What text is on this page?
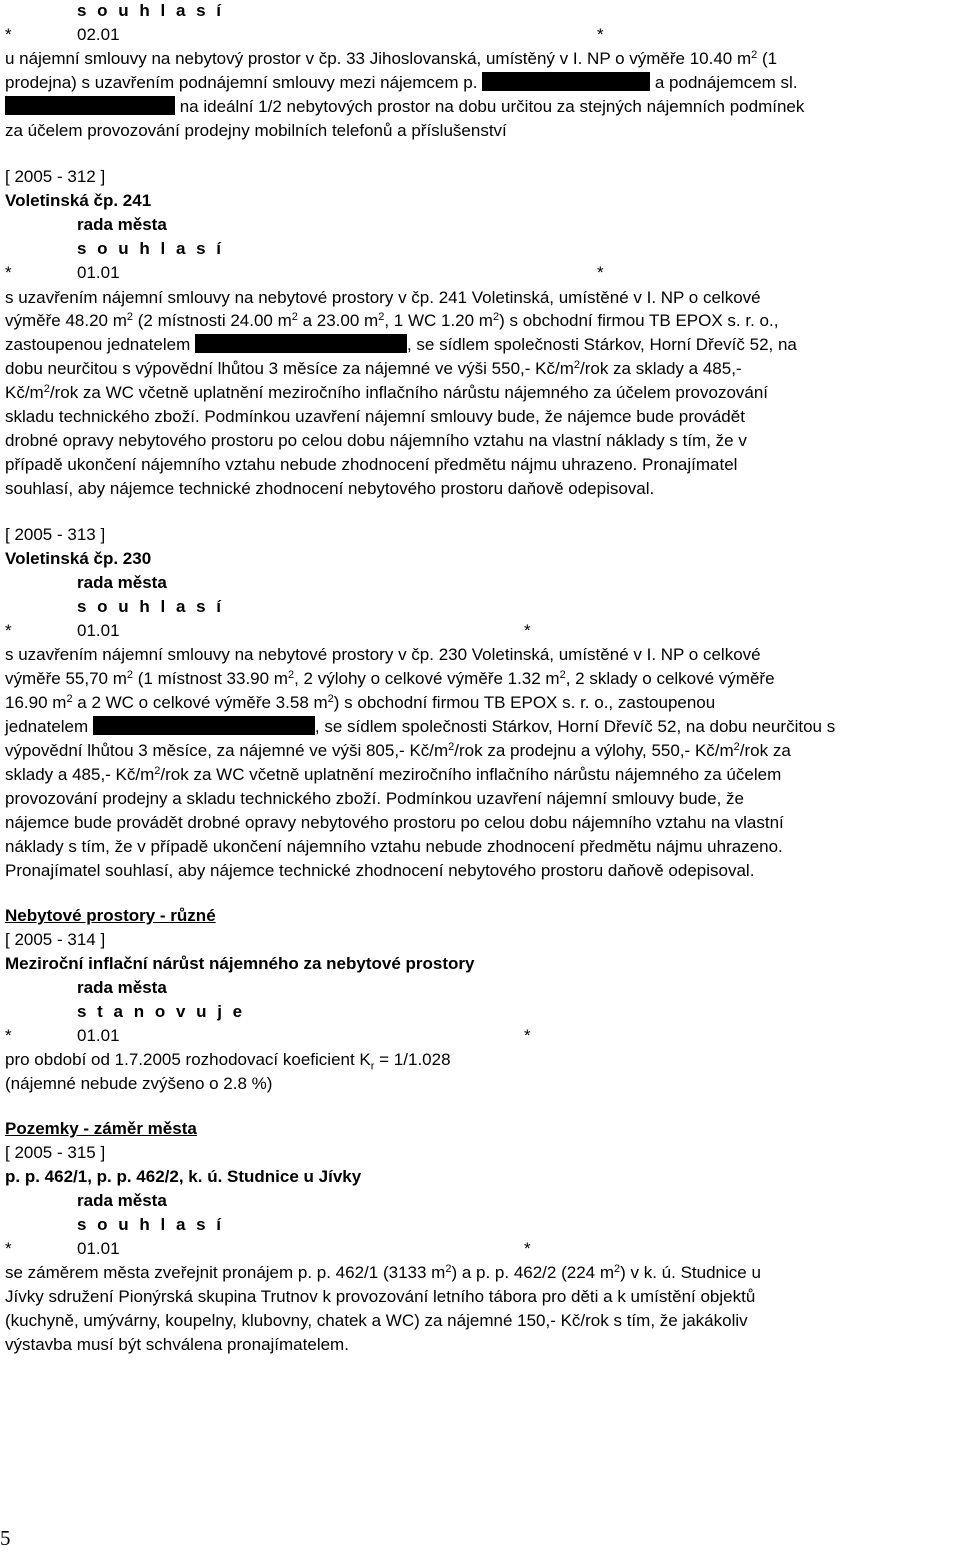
s o u h l a s í
*	02.01	*
u nájemní smlouvy na nebytový prostor v čp. 33 Jihoslovanská, umístěný v I. NP o výměře 10.40 $m^2$ (1
prodejna) s uzavřením podnájemní smlouvy mezi nájemcem p.	a podnájemcem sl.
na ideální 1/2 nebytových prostor na dobu určitou za stejných nájemních podmínek
za účelem provozování prodejny mobilních telefonů a příslušenství
[ 2005 - 312 ]
Voletinská čp. 241
rada města
s o u h l a s í
*	01.01	*
s uzavřením nájemní smlouvy na nebytové prostory v čp. 241 Voletinská, umístěné v I. NP o celkové
výměře 48.20 $m^2$ (2 místnosti 24.00 $m^2$ a 23.00 $m^2$, 1 WC 1.20 $m^2$) s obchodní firmou TB EPOX s. r. o.,
zastoupenou jednatelem	, se sídlem společnosti Stárkov, Horní Dřevíč 52, na
dobu neurčitou s výpovědní lhůtou 3 měsíce za nájemné ve výši 550,- $Kč/m^2$/rok za sklady a 485,-
$Kč/m^2$/rok za WC včetně uplatnění meziročního inflačního nárůstu nájemného za účelem provozování
skladu technického zboží. Podmínkou uzavření nájemní smlouvy bude, že nájemce bude provádět
drobné opravy nebytového prostoru po celou dobu nájemního vztahu na vlastní náklady s tím, že v
případě ukončení nájemního vztahu nebude zhodnocení předmětu nájmu uhrazeno. Pronajímatel
souhlasí, aby nájemce technické zhodnocení nebytového prostoru daňově odepisoval.
[ 2005 - 313 ]
Voletinská čp. 230
rada města
s o u h l a s í
*	01.01	*
s uzavřením nájemní smlouvy na nebytové prostory v čp. 230 Voletinská, umístěné v I. NP o celkové
výměře 55,70 $m^2$ (1 místnost 33.90 $m^2$, 2 výlohy o celkové výměře 1.32 $m^2$, 2 sklady o celkové výměře
16.90 $m^2$ a 2 WC o celkové výměře 3.58 $m^2$) s obchodní firmou TB EPOX s. r. o., zastoupenou
jednatelem	, se sídlem společnosti Stárkov, Horní Dřevíč 52, na dobu neurčitou s
výpovědní lhůtou 3 měsíce, za nájemné ve výši 805,- $Kč/m^2$/rok za prodejnu a výlohy, 550,- $Kč/m^2$/rok za
sklady a 485,- $Kč/m^2$/rok za WC včetně uplatnění meziročního inflačního nárůstu nájemného za účelem
provozování prodejny a skladu technického zboží. Podmínkou uzavření nájemní smlouvy bude, že
nájemce bude provádět drobné opravy nebytového prostoru po celou dobu nájemního vztahu na vlastní
náklady s tím, že v případě ukončení nájemního vztahu nebude zhodnocení předmětu nájmu uhrazeno.
Pronajímatel souhlasí, aby nájemce technické zhodnocení nebytového prostoru daňově odepisoval.
Nebytové prostory - různé
[ 2005 - 314 ]
Meziroční inflační nárůst nájemného za nebytové prostory
rada města
s t a n o v u j e
*	01.01	*
pro období od 1.7.2005 rozhodovací koeficient $K_r = 1/1.028$
(nájemné nebude zvýšeno o 2.8 %)
Pozemky - záměr města
[ 2005 - 315 ]
p. p. 462/1, p. p. 462/2, k. ú. Studnice u Jívky
rada města
s o u h l a s í
*	01.01	*
se záměrem města zveřejnit pronájem p. p. 462/1 (3133 $m^2$) a p. p. 462/2 (224 $m^2$) v k. ú. Studnice u
Jívky sdružení Pionýrská skupina Trutnov k provozování letního tábora pro děti a k umístění objektů
(kuchyně, umývárny, koupelny, klubovny, chatek a WC) za nájemné 150,- Kč/rok s tím, že jakákoliv
výstavba musí být schválena pronajímatelem.
5
